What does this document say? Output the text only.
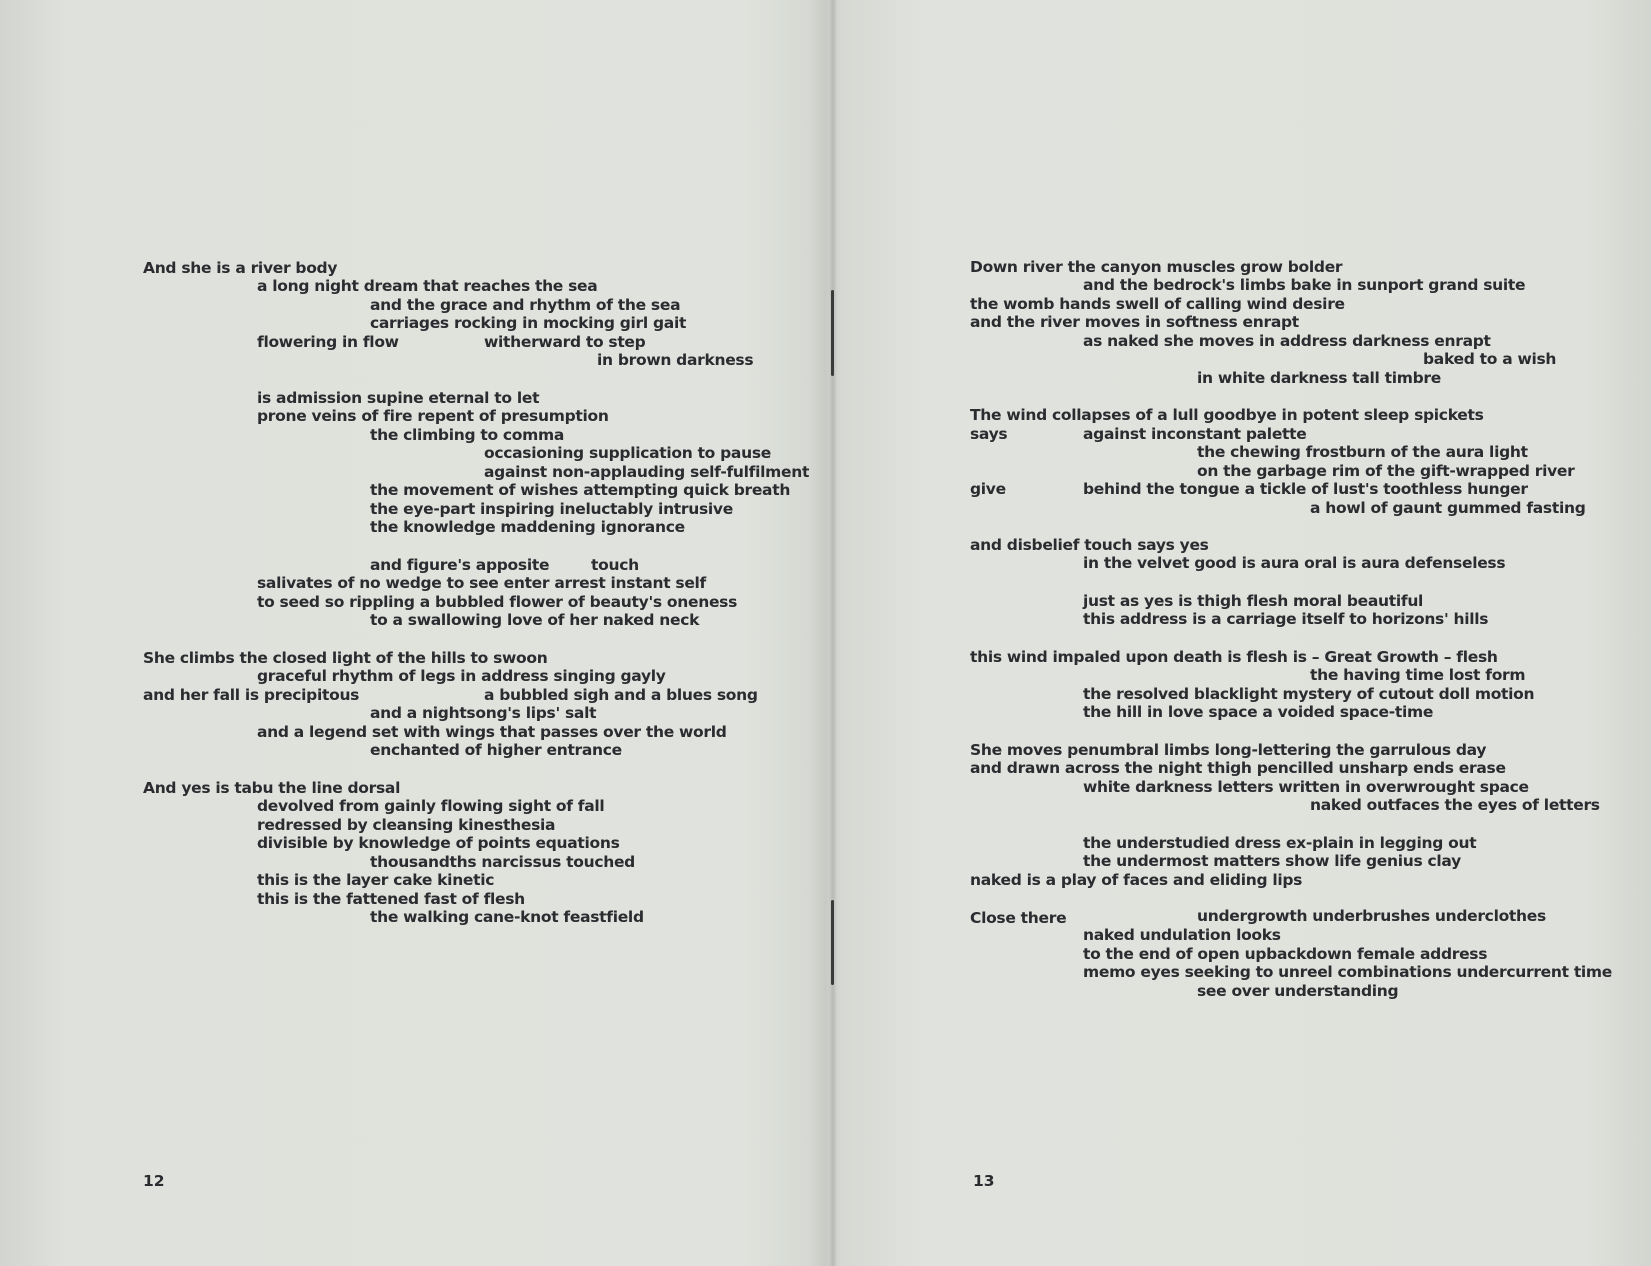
And she is a river body
a long night dream that reaches the sea
and the grace and rhythm of the sea
carriages rocking in mocking girl gait
flowering in flow	witherward to step
in brown darkness
is admission supine eternal to let
prone veins of fire repent of presumption
the climbing to comma
occasioning supplication to pause
against non-applauding self-fulfilment
the movement of wishes attempting quick breath
the eye-part inspiring ineluctably intrusive
the knowledge maddening ignorance
and figure's apposite	touch
salivates of no wedge to see enter arrest instant self
to seed so rippling a bubbled flower of beauty's oneness
to a swallowing love of her naked neck
She climbs the closed light of the hills to swoon
graceful rhythm of legs in address singing gayly
and her fall is precipitous	a bubbled sigh and a blues song
and a nightsong's lips' salt
and a legend set with wings that passes over the world
enchanted of higher entrance
And yes is tabu the line dorsal
devolved from gainly flowing sight of fall
redressed by cleansing kinesthesia
divisible by knowledge of points equations
thousandths narcissus touched
this is the layer cake kinetic
this is the fattened fast of flesh
the walking cane-knot feastfield
12
Down river the canyon muscles grow bolder
and the bedrock's limbs bake in sunport grand suite
the womb hands swell of calling wind desire
and the river moves in softness enrapt
as naked she moves in address darkness enrapt
baked to a wish
in white darkness tall timbre
The wind collapses of a lull goodbye in potent sleep spickets
says	against inconstant palette
the chewing frostburn of the aura light
on the garbage rim of the gift-wrapped river
give	behind the tongue a tickle of lust's toothless hunger
a howl of gaunt gummed fasting
and disbelief touch says yes
in the velvet good is aura oral is aura defenseless
just as yes is thigh flesh moral beautiful
this address is a carriage itself to horizons' hills
this wind impaled upon death is flesh is – Great Growth – flesh
the having time lost form
the resolved blacklight mystery of cutout doll motion
the hill in love space a voided space-time
She moves penumbral limbs long-lettering the garrulous day
and drawn across the night thigh pencilled unsharp ends erase
white darkness letters written in overwrought space
naked outfaces the eyes of letters
the understudied dress ex-plain in legging out
the undermost matters show life genius clay
naked is a play of faces and eliding lips
Close there	undergrowth underbrushes underclothes
naked undulation looks
to the end of open upbackdown female address
memo eyes seeking to unreel combinations undercurrent time
see over understanding
13
